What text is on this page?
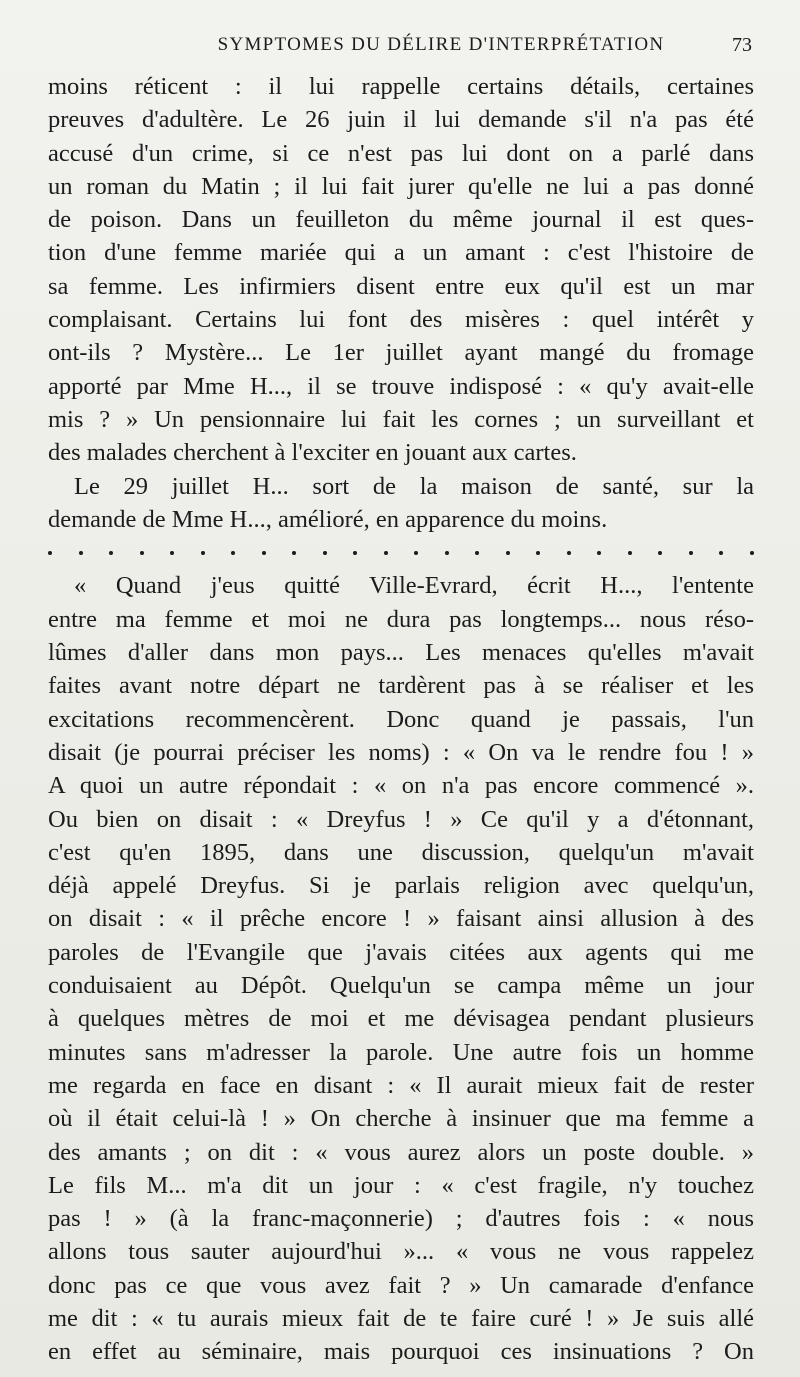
SYMPTOMES DU DÉLIRE D'INTERPRÉTATION	73
moins réticent : il lui rappelle certains détails, certaines
preuves d'adultère. Le 26 juin il lui demande s'il n'a pas été
accusé d'un crime, si ce n'est pas lui dont on a parlé dans
un roman du Matin ; il lui fait jurer qu'elle ne lui a pas donné
de poison. Dans un feuilleton du même journal il est ques-
tion d'une femme mariée qui a un amant : c'est l'histoire de
sa femme. Les infirmiers disent entre eux qu'il est un mar
complaisant. Certains lui font des misères : quel intérêt y
ont-ils ? Mystère... Le 1er juillet ayant mangé du fromage
apporté par Mme H..., il se trouve indisposé : « qu'y avait-elle
mis ? » Un pensionnaire lui fait les cornes ; un surveillant et
des malades cherchent à l'exciter en jouant aux cartes.
Le 29 juillet H... sort de la maison de santé, sur la
demande de Mme H..., amélioré, en apparence du moins.
« Quand j'eus quitté Ville-Evrard, écrit H..., l'entente
entre ma femme et moi ne dura pas longtemps... nous réso-
lûmes d'aller dans mon pays... Les menaces qu'elles m'avait
faites avant notre départ ne tardèrent pas à se réaliser et les
excitations recommencèrent. Donc quand je passais, l'un
disait (je pourrai préciser les noms) : « On va le rendre fou ! »
A quoi un autre répondait : « on n'a pas encore commencé ».
Ou bien on disait : « Dreyfus ! » Ce qu'il y a d'étonnant,
c'est qu'en 1895, dans une discussion, quelqu'un m'avait
déjà appelé Dreyfus. Si je parlais religion avec quelqu'un,
on disait : « il prêche encore ! » faisant ainsi allusion à des
paroles de l'Evangile que j'avais citées aux agents qui me
conduisaient au Dépôt. Quelqu'un se campa même un jour
à quelques mètres de moi et me dévisagea pendant plusieurs
minutes sans m'adresser la parole. Une autre fois un homme
me regarda en face en disant : « Il aurait mieux fait de rester
où il était celui-là ! » On cherche à insinuer que ma femme a
des amants ; on dit : « vous aurez alors un poste double. »
Le fils M... m'a dit un jour : « c'est fragile, n'y touchez
pas ! » (à la franc-maçonnerie) ; d'autres fois : « nous
allons tous sauter aujourd'hui »... « vous ne vous rappelez
donc pas ce que vous avez fait ? » Un camarade d'enfance
me dit : « tu aurais mieux fait de te faire curé ! » Je suis allé
en effet au séminaire, mais pourquoi ces insinuations ? On
